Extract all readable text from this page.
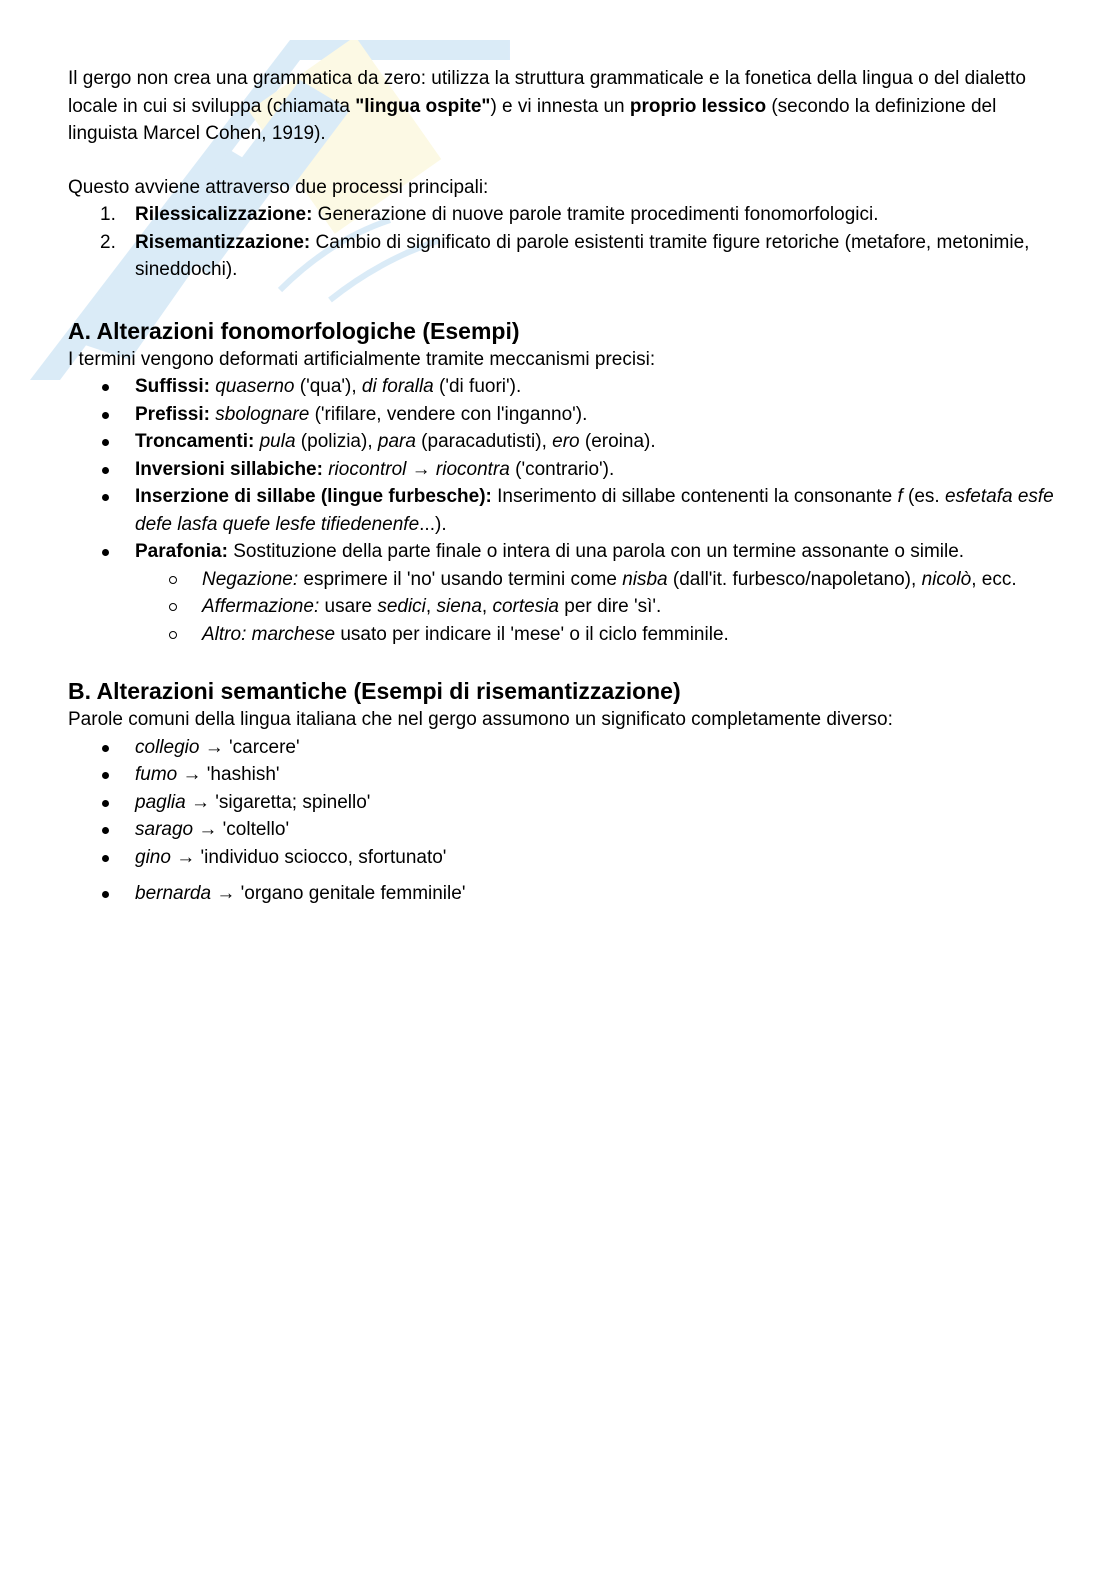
Il gergo non crea una grammatica da zero: utilizza la struttura grammaticale e la fonetica della lingua o del dialetto locale in cui si sviluppa (chiamata "lingua ospite") e vi innesta un proprio lessico (secondo la definizione del linguista Marcel Cohen, 1919).

Questo avviene attraverso due processi principali:

1. Rilessicalizzazione: Generazione di nuove parole tramite procedimenti fonomorfologici.
2. Risemantizzazione: Cambio di significato di parole esistenti tramite figure retoriche (metafore, metonimie, sineddochi).
A. Alterazioni fonomorfologiche (Esempi)

I termini vengono deformati artificialmente tramite meccanismi precisi:

Suffissi: quaserno ('qua'), di foralla ('di fuori').
Prefissi: sbolognare ('rifilare, vendere con l'inganno').
Troncamenti: pula (polizia), para (paracadutisti), ero (eroina).
Inversioni sillabiche: riocontrol → riocontra ('contrario').
Inserzione di sillabe (lingue furbesche): Inserimento di sillabe contenenti la consonante f (es. esfetafa esfe defe lasfa quefe lesfe tifiedenenfe...).
Parafonia: Sostituzione della parte finale o intera di una parola con un termine assonante o simile.
Negazione: esprimere il 'no' usando termini come nisba (dall'it. furbesco/napoletano), nicolò, ecc.
Affermazione: usare sedici, siena, cortesia per dire 'sì'.
Altro: marchese usato per indicare il 'mese' o il ciclo femminile.
B. Alterazioni semantiche (Esempi di risemantizzazione)

Parole comuni della lingua italiana che nel gergo assumono un significato completamente diverso:

collegio → 'carcere'
fumo → 'hashish'
paglia → 'sigaretta; spinello'
sarago → 'coltello'
gino → 'individuo sciocco, sfortunato'
bernarda → 'organo genitale femminile'
